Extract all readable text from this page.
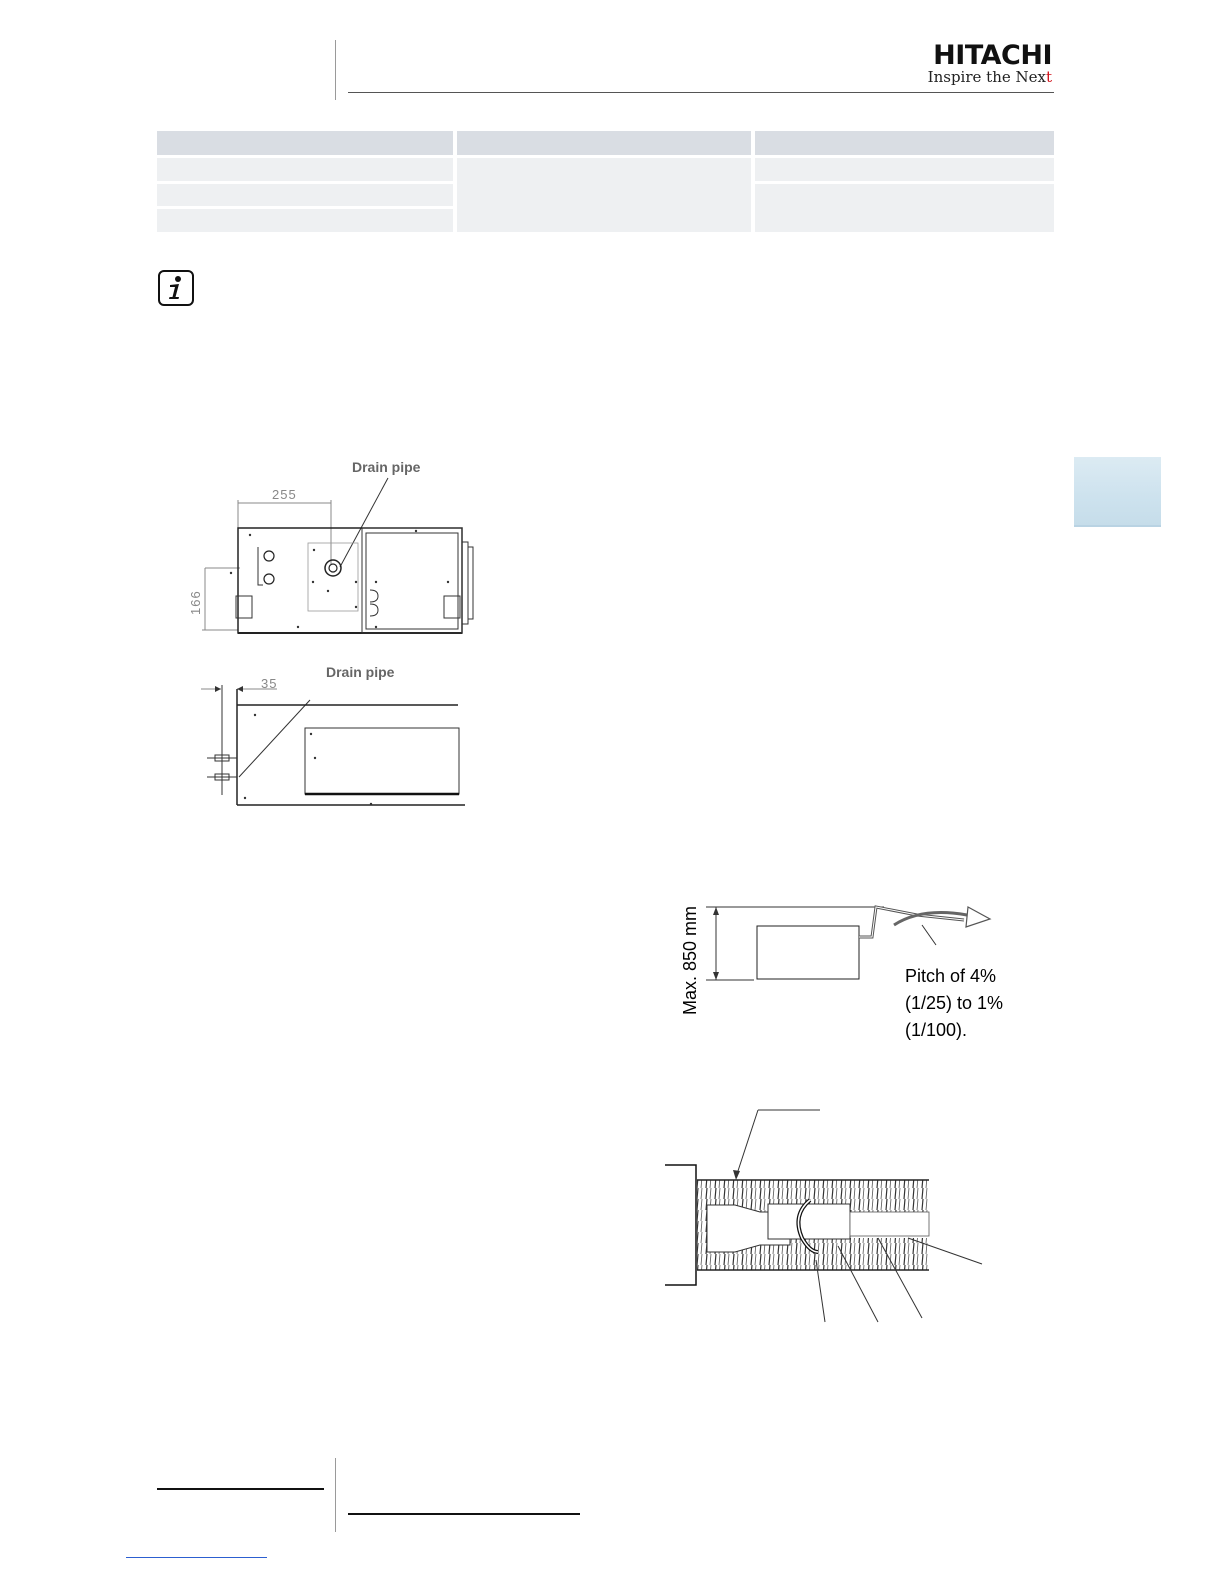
HITACHI
Inspire the Next
Drain pipe
255
166
Drain pipe
35
Max. 850 mm	Pitch of 4%
(1/25) to 1%
(1/100).
